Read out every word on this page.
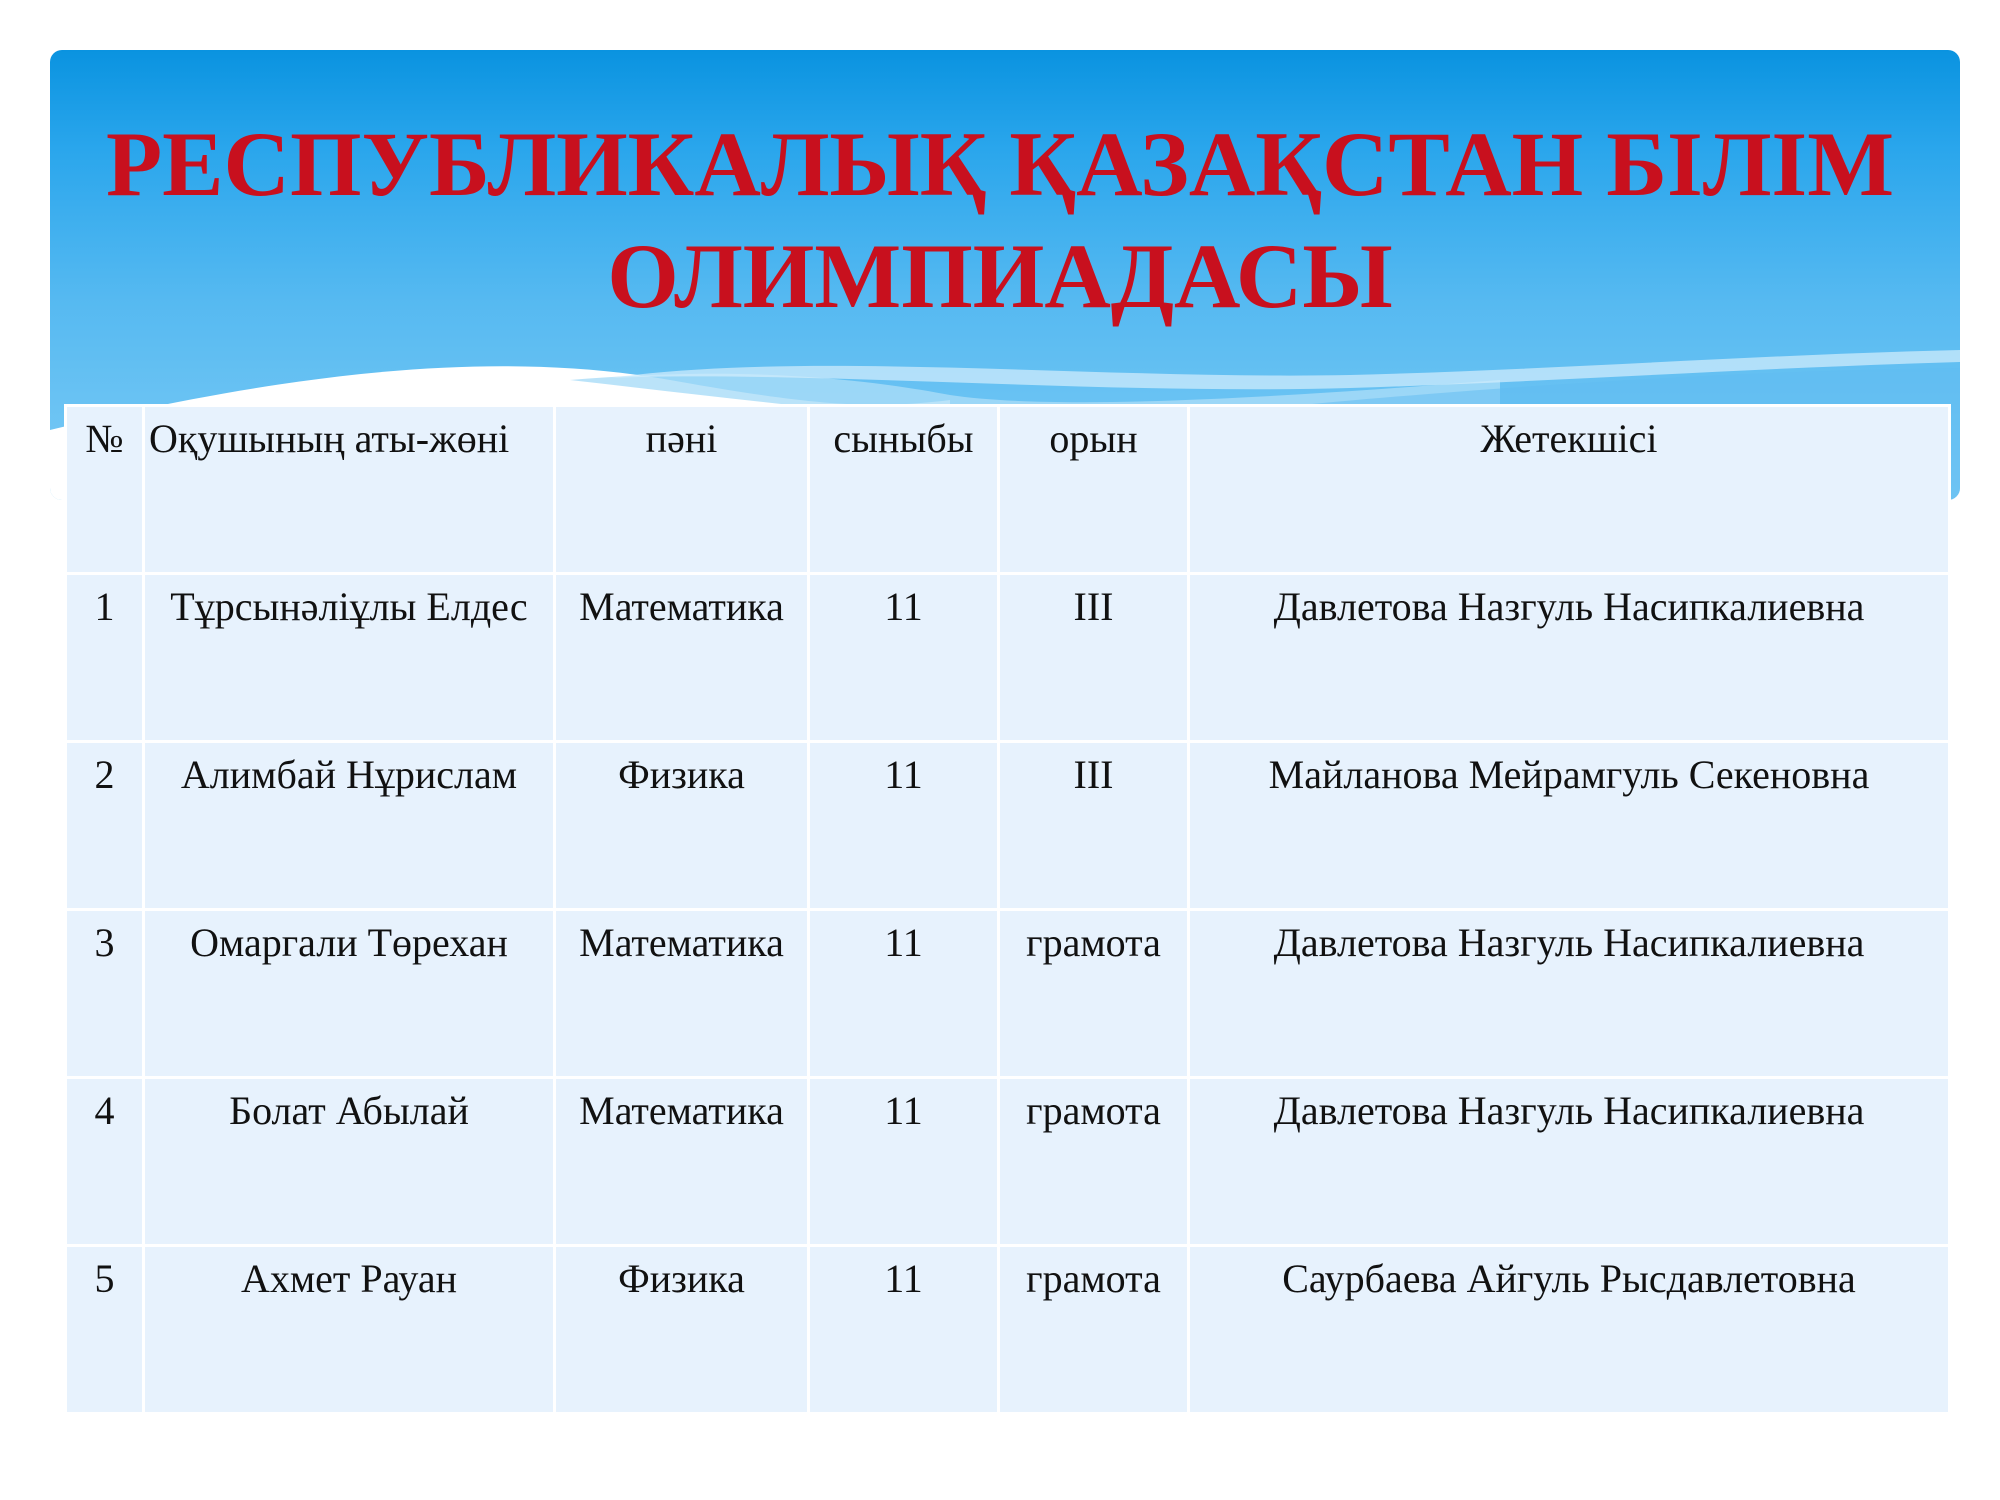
РЕСПУБЛИКАЛЫҚ ҚАЗАҚСТАН БІЛІМ ОЛИМПИАДАСЫ
№	Оқушының аты-жөні	пәні	сыныбы	орын	Жетекшісі
1	Тұрсынәліұлы Елдес	Математика	11	III	Давлетова Назгуль Насипкалиевна
2	Алимбай Нұрислам	Физика	11	III	Майланова Мейрамгуль Секеновна
3	Омаргали Төрехан	Математика	11	грамота	Давлетова Назгуль Насипкалиевна
4	Болат Абылай	Математика	11	грамота	Давлетова Назгуль Насипкалиевна
5	Ахмет Рауан	Физика	11	грамота	Саурбаева Айгуль Рысдавлетовна
